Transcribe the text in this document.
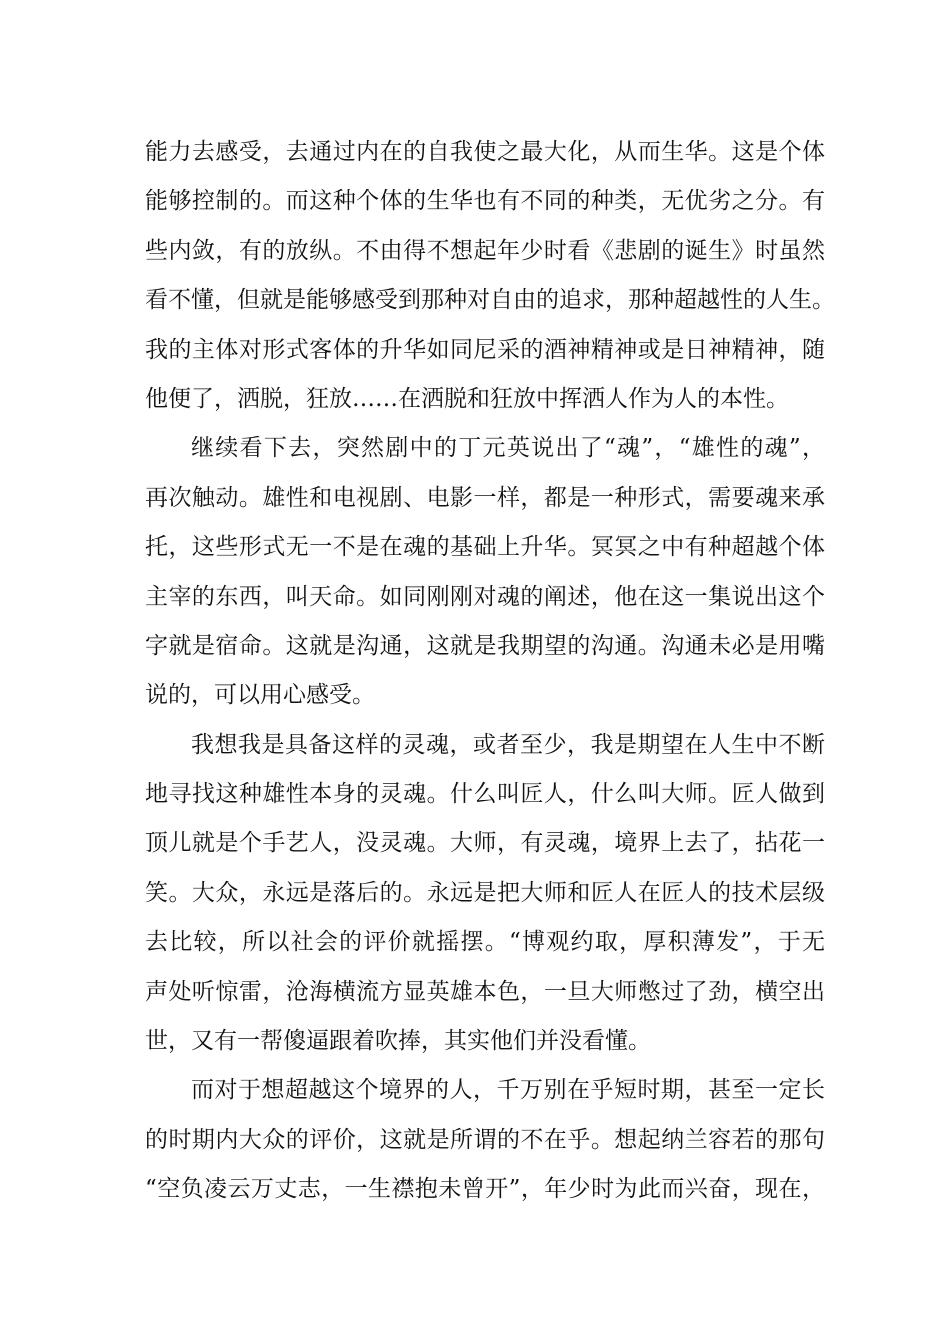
能力去感受，去通过内在的自我使之最大化，从而生华。这是个体
能够控制的。而这种个体的生华也有不同的种类，无优劣之分。有
些内敛，有的放纵。不由得不想起年少时看《悲剧的诞生》时虽然
看不懂，但就是能够感受到那种对自由的追求，那种超越性的人生。
我的主体对形式客体的升华如同尼采的酒神精神或是日神精神，随
他便了，洒脱，狂放……在洒脱和狂放中挥洒人作为人的本性。
继续看下去，突然剧中的丁元英说出了“魂”，“雄性的魂”，
再次触动。雄性和电视剧、电影一样，都是一种形式，需要魂来承
托，这些形式无一不是在魂的基础上升华。冥冥之中有种超越个体
主宰的东西，叫天命。如同刚刚对魂的阐述，他在这一集说出这个
字就是宿命。这就是沟通，这就是我期望的沟通。沟通未必是用嘴
说的，可以用心感受。
我想我是具备这样的灵魂，或者至少，我是期望在人生中不断
地寻找这种雄性本身的灵魂。什么叫匠人，什么叫大师。匠人做到
顶儿就是个手艺人，没灵魂。大师，有灵魂，境界上去了，拈花一
笑。大众，永远是落后的。永远是把大师和匠人在匠人的技术层级
去比较，所以社会的评价就摇摆。“博观约取，厚积薄发”，于无
声处听惊雷，沧海横流方显英雄本色，一旦大师憋过了劲，横空出
世，又有一帮傻逼跟着吹捧，其实他们并没看懂。
而对于想超越这个境界的人，千万别在乎短时期，甚至一定长
的时期内大众的评价，这就是所谓的不在乎。想起纳兰容若的那句
“空负凌云万丈志，一生襟抱未曾开”，年少时为此而兴奋，现在，
